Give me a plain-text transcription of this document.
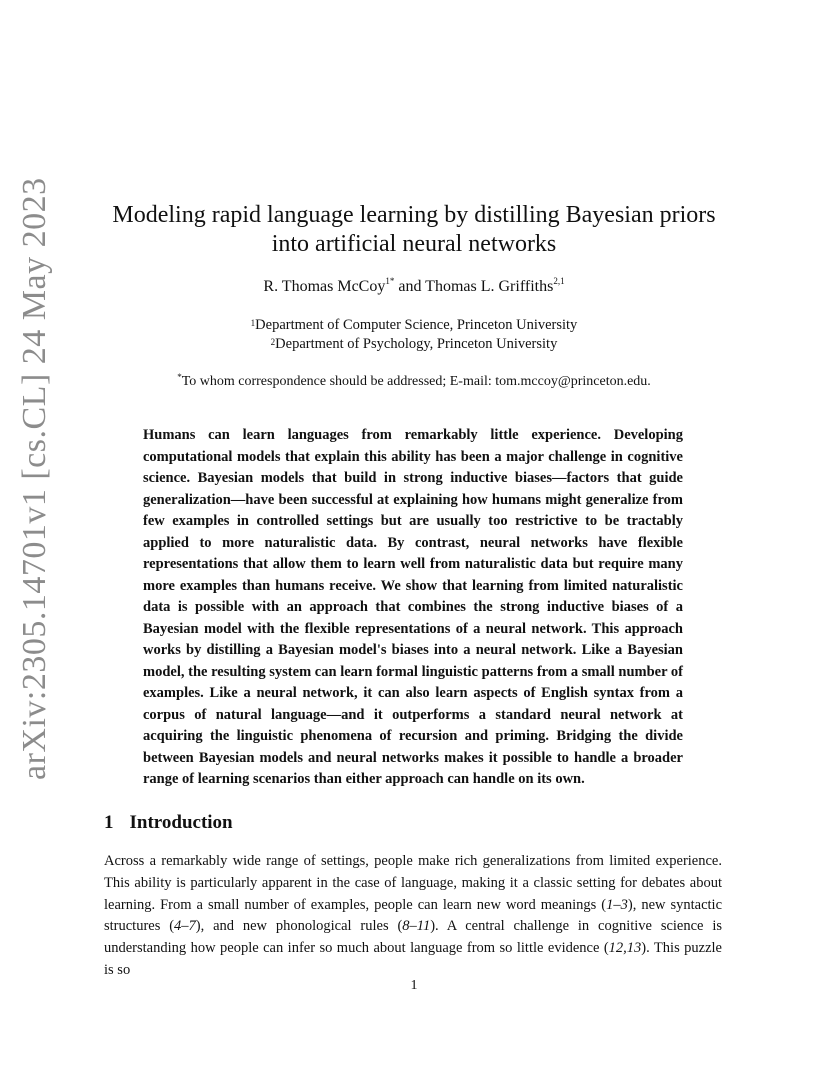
arXiv:2305.14701v1 [cs.CL] 24 May 2023	Modeling rapid language learning by distilling Bayesian priors
into artificial neural networks
R. Thomas McCoy$^{1*}$ and Thomas L. Griffiths$^{2,1}$
$^1$Department of Computer Science, Princeton University
$^2$Department of Psychology, Princeton University
*To whom correspondence should be addressed; E-mail: tom.mccoy@princeton.edu.
Humans can learn languages from remarkably little experience. Developing computational models that explain this ability has been a major challenge in cognitive science. Bayesian models that build in strong inductive biases—factors that guide generalization—have been successful at explaining how humans might generalize from few examples in controlled settings but are usually too restrictive to be tractably applied to more naturalistic data. By contrast, neural networks have flexible representations that allow them to learn well from naturalistic data but require many more examples than humans receive. We show that learning from limited naturalistic data is possible with an approach that combines the strong inductive biases of a Bayesian model with the flexible representations of a neural network. This approach works by distilling a Bayesian model's biases into a neural network. Like a Bayesian model, the resulting system can learn formal linguistic patterns from a small number of examples. Like a neural network, it can also learn aspects of English syntax from a corpus of natural language—and it outperforms a standard neural network at acquiring the linguistic phenomena of recursion and priming. Bridging the divide between Bayesian models and neural networks makes it possible to handle a broader range of learning scenarios than either approach can handle on its own.
1 Introduction
Across a remarkably wide range of settings, people make rich generalizations from limited experience. This ability is particularly apparent in the case of language, making it a classic setting for debates about learning. From a small number of examples, people can learn new word meanings (1–3), new syntactic structures (4–7), and new phonological rules (8–11). A central challenge in cognitive science is understanding how people can infer so much about language from so little evidence (12,13). This puzzle is so
1
